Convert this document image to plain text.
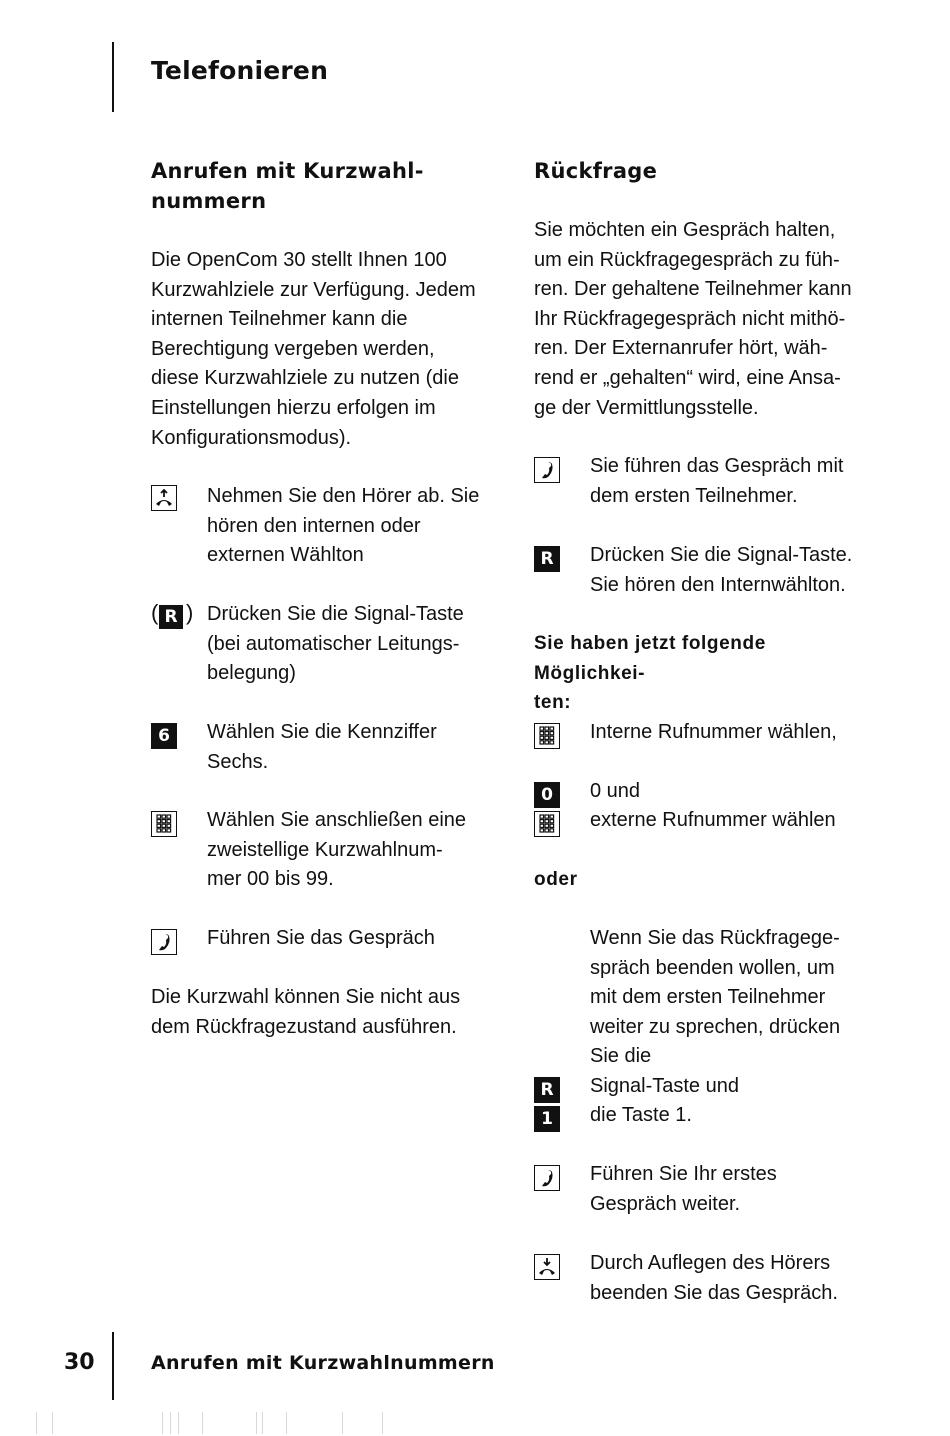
Telefonieren
Anrufen mit Kurzwahl-
nummern
Die OpenCom 30 stellt Ihnen 100
Kurzwahlziele zur Verfügung. Jedem
internen Teilnehmer kann die
Berechtigung vergeben werden,
diese Kurzwahlziele zu nutzen (die
Einstellungen hierzu erfolgen im
Konfigurationsmodus).
Nehmen Sie den Hörer ab. Sie
hören den internen oder
externen Wählton
( R ) Drücken Sie die Signal-Taste
(bei automatischer Leitungs-
belegung)
6	Wählen Sie die Kennziffer
Sechs.
Wählen Sie anschließen eine
zweistellige Kurzwahlnum-
mer 00 bis 99.
Führen Sie das Gespräch
Die Kurzwahl können Sie nicht aus
dem Rückfragezustand ausführen.
Rückfrage
Sie möchten ein Gespräch halten,
um ein Rückfragegespräch zu füh-
ren. Der gehaltene Teilnehmer kann
Ihr Rückfragegespräch nicht mithö-
ren. Der Externanrufer hört, wäh-
rend er „gehalten“ wird, eine Ansa-
ge der Vermittlungsstelle.
Sie führen das Gespräch mit
dem ersten Teilnehmer.
R	Drücken Sie die Signal-Taste.
Sie hören den Internwählton.
Sie haben jetzt folgende Möglichkei-
ten:
Interne Rufnummer wählen,
0	0 und
externe Rufnummer wählen
oder
Wenn Sie das Rückfragege-
spräch beenden wollen, um
mit dem ersten Teilnehmer
weiter zu sprechen, drücken
Sie die
R	Signal-Taste und
1	die Taste 1.
Führen Sie Ihr erstes
Gespräch weiter.
Durch Auflegen des Hörers
beenden Sie das Gespräch.
30	Anrufen mit Kurzwahlnummern
